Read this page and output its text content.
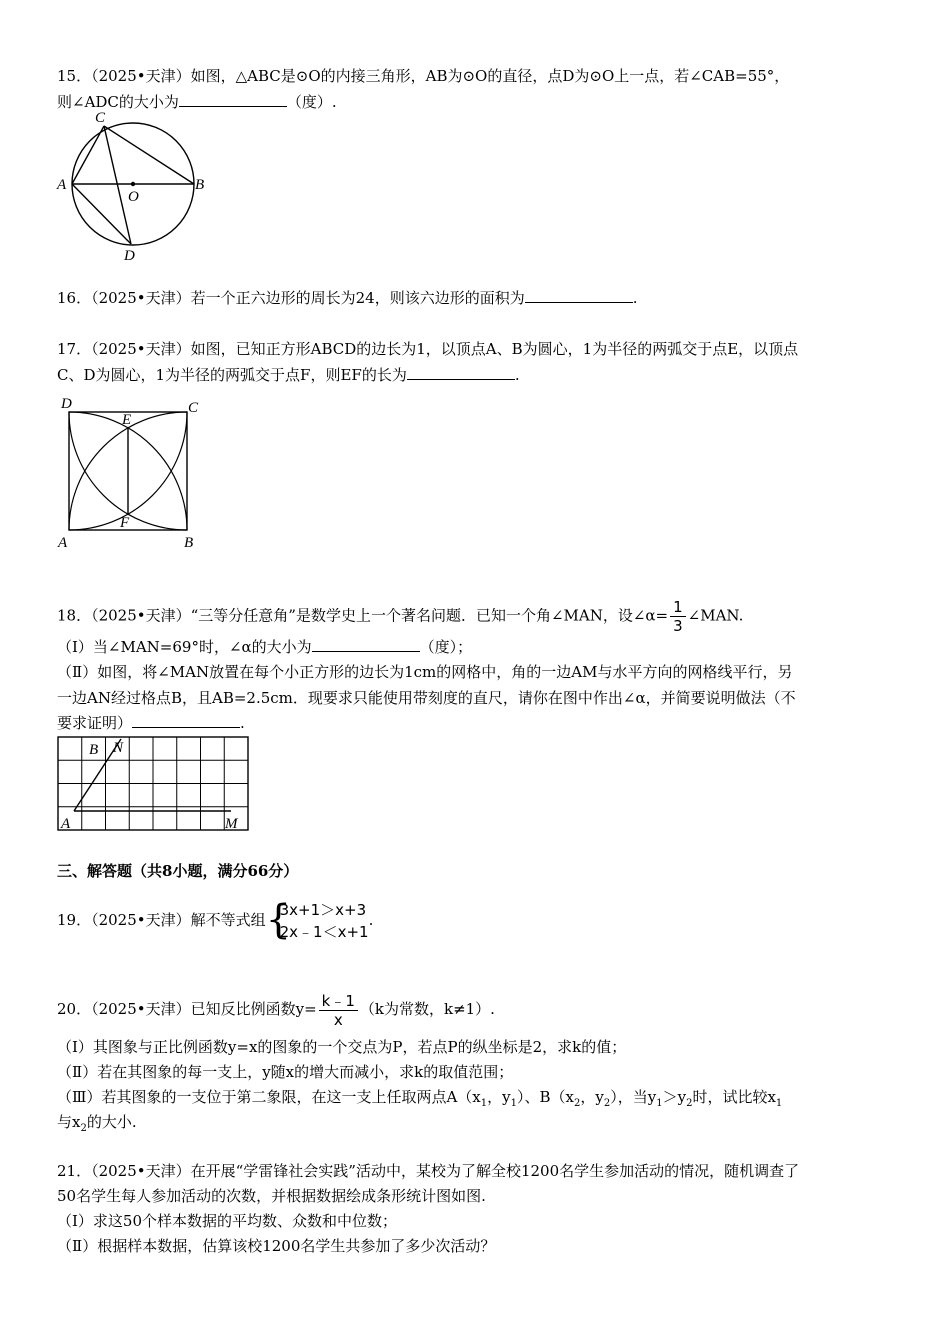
15．（2025•天津）如图，△ABC是⊙O的内接三角形，AB为⊙O的直径，点D为⊙O上一点，若∠CAB=55°，
则∠ADC的大小为	（度）.
C
A	B
O
D
16．（2025•天津）若一个正六边形的周长为24，则该六边形的面积为	.
17．（2025•天津）如图，已知正方形ABCD的边长为1，以顶点A、B为圆心，1为半径的两弧交于点E，以顶点
C、D为圆心，1为半径的两弧交于点F，则EF的长为	.
D	C
E
F
A	B
18．（2025•天津）“三等分任意角”是数学史上一个著名问题．已知一个角∠MAN，设∠α= $\frac{1}{3}$ ∠MAN.
（Ⅰ）当∠MAN=69°时，∠α的大小为	（度）；
（Ⅱ）如图，将∠MAN放置在每个小正方形的边长为1cm的网格中，角的一边AM与水平方向的网格线平行，另
一边AN经过格点B，且AB=2.5cm．现要求只能使用带刻度的直尺，请你在图中作出∠α，并简要说明做法（不
要求证明）	.
B N
A	M
三、解答题（共8小题，满分66分）
19．（2025•天津）解不等式组 {
3x+1＞x+3
2x﹣1＜x+1
.
20．（2025•天津）已知反比例函数$y= \frac{k﹣1}{x} (k$为常数，k≠1）.
（Ⅰ）其图象与正比例函数y=x的图象的一个交点为P，若点P的纵坐标是2，求k的值；
（Ⅱ）若在其图象的每一支上，y随x的增大而减小，求k的取值范围；
（Ⅲ）若其图象的一支位于第二象限，在这一支上任取两点$A(x_1$，$y_1$）、$B(x_2$，$y_2$），当$y_1>y_2$时，试比较$x_1$
与$x_2$的大小.
21．（2025•天津）在开展“学雷锋社会实践”活动中，某校为了解全校1200名学生参加活动的情况，随机调查了
50名学生每人参加活动的次数，并根据数据绘成条形统计图如图.
（Ⅰ）求这50个样本数据的平均数、众数和中位数；
（Ⅱ）根据样本数据，估算该校1200名学生共参加了多少次活动？
